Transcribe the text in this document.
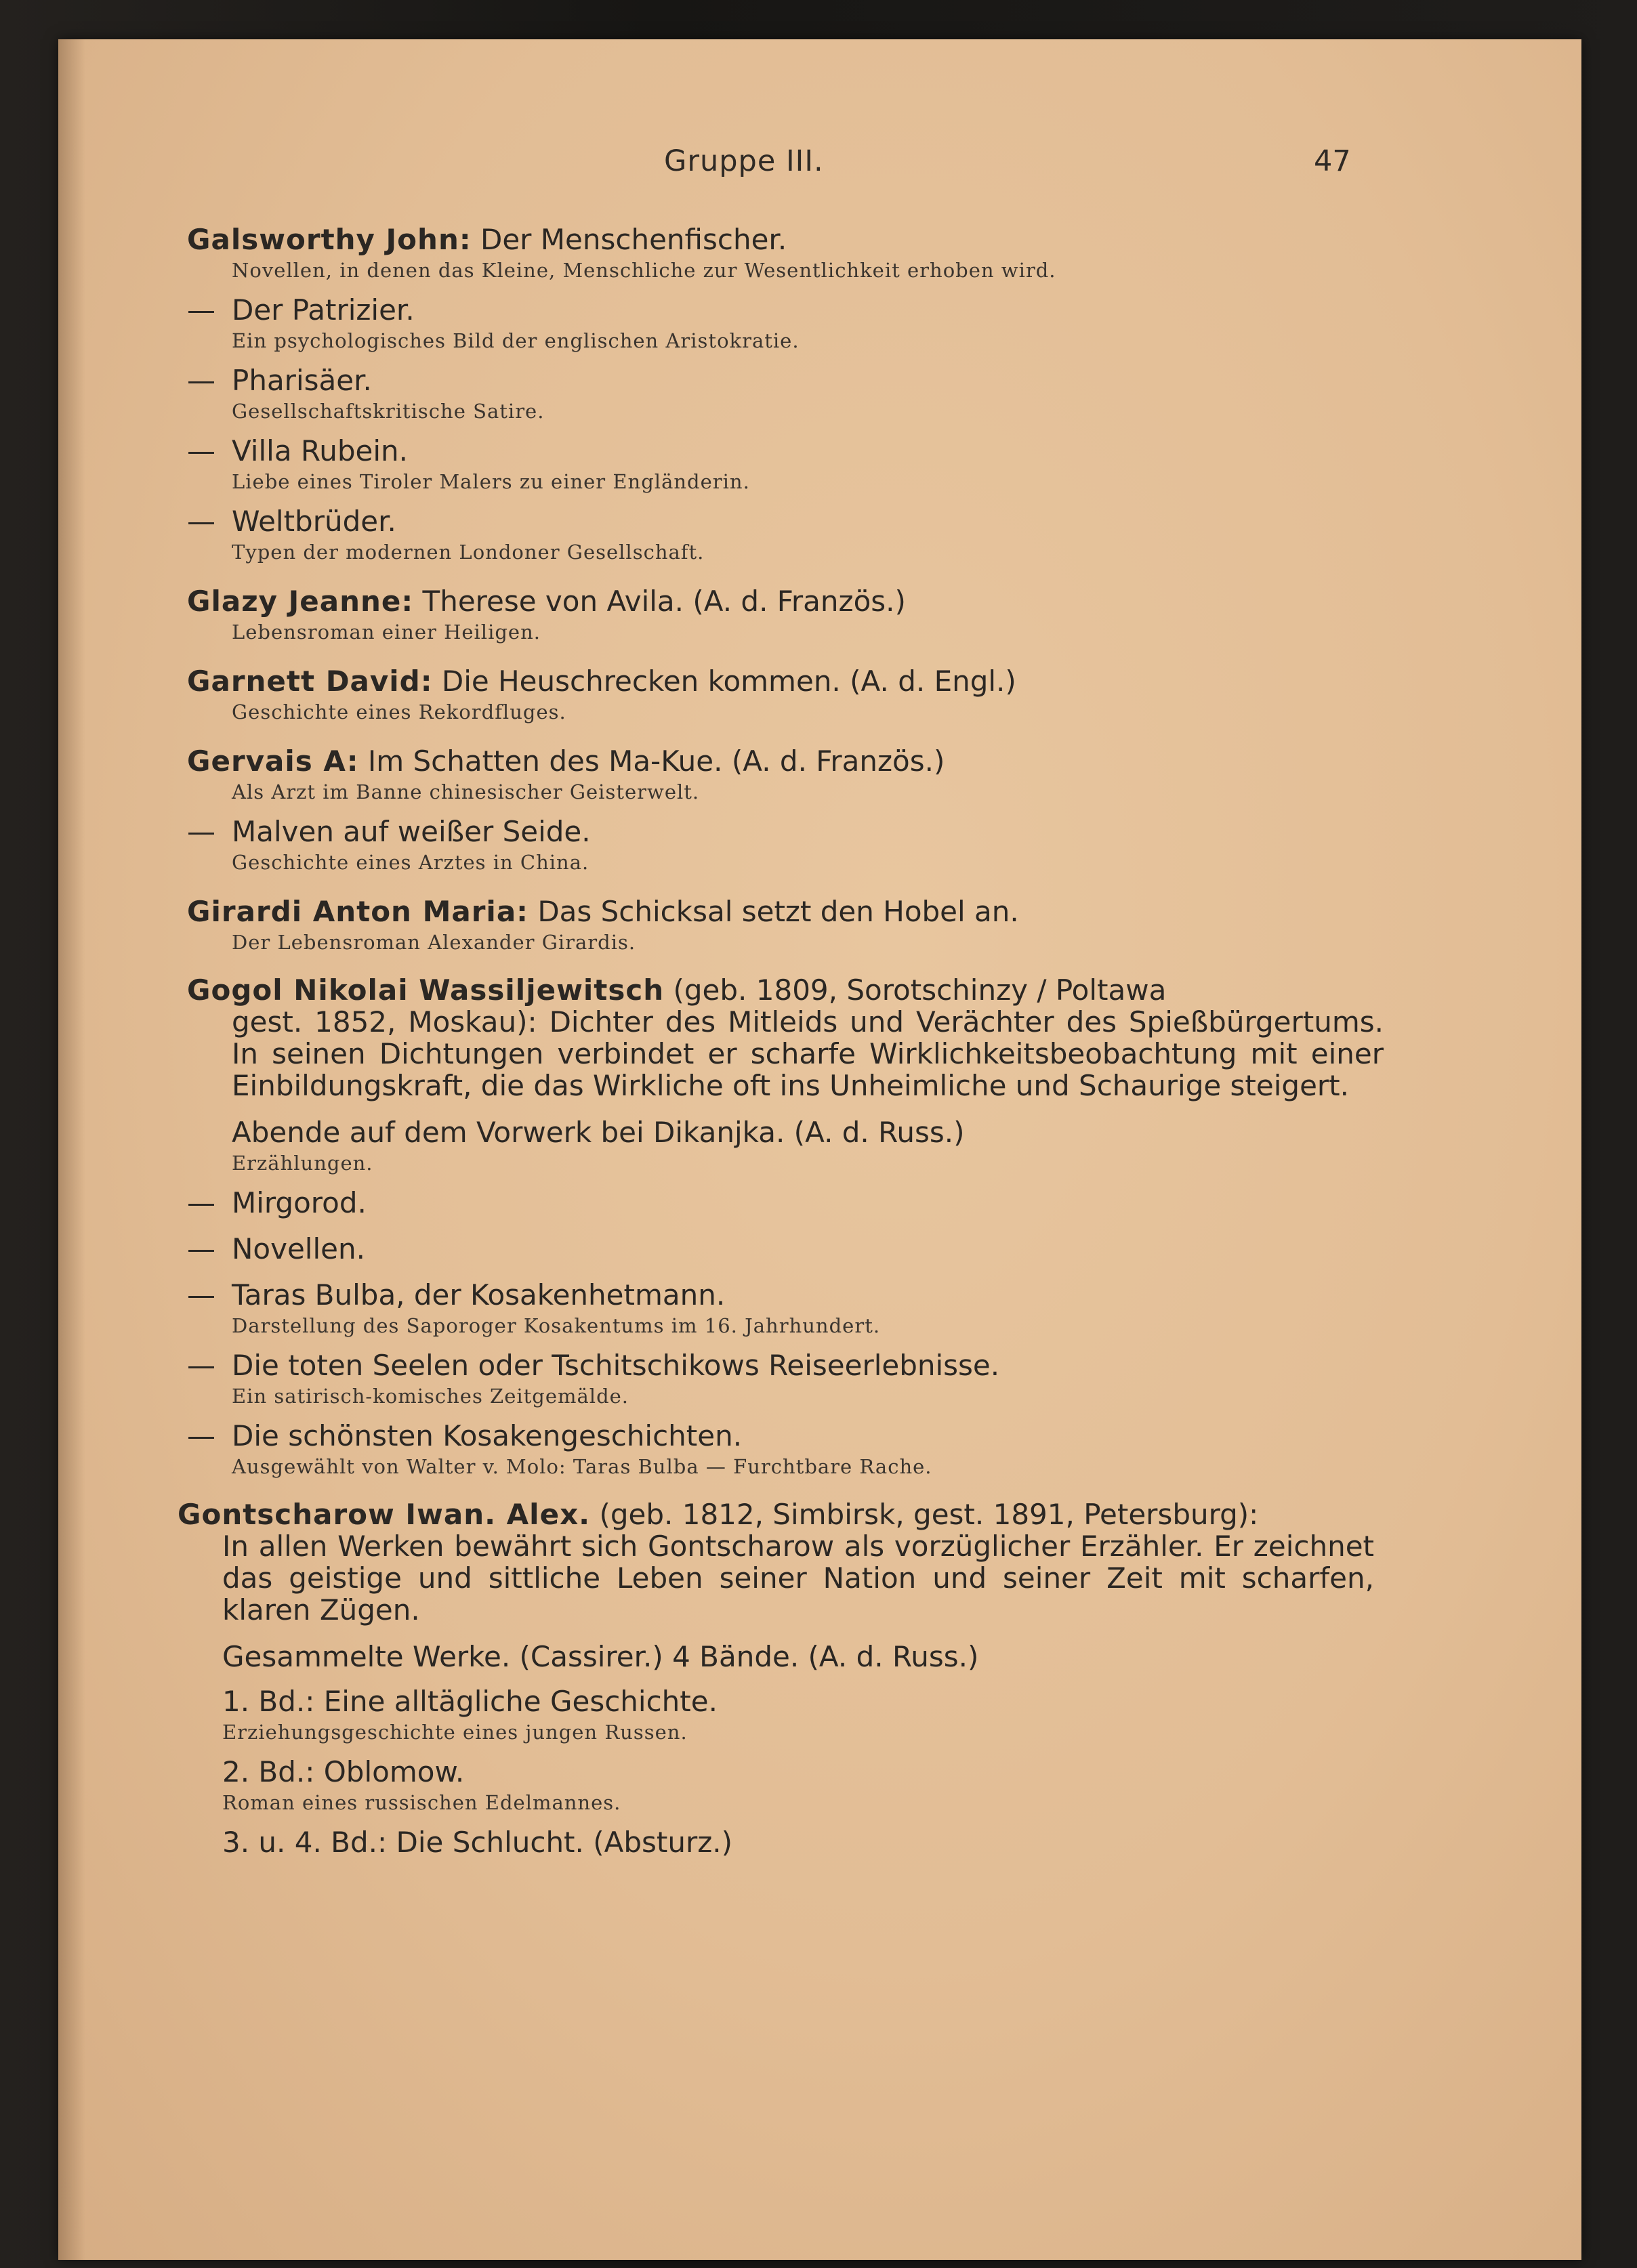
Gruppe III.	47
Galsworthy John: Der Menschenfischer.
Novellen, in denen das Kleine, Menschliche zur Wesentlichkeit erhoben wird.
— Der Patrizier.
Ein psychologisches Bild der englischen Aristokratie.
— Pharisäer.
Gesellschaftskritische Satire.
— Villa Rubein.
Liebe eines Tiroler Malers zu einer Engländerin.
— Weltbrüder.
Typen der modernen Londoner Gesellschaft.
Glazy Jeanne: Therese von Avila. (A. d. Französ.)
Lebensroman einer Heiligen.
Garnett David: Die Heuschrecken kommen. (A. d. Engl.)
Geschichte eines Rekordfluges.
Gervais A: Im Schatten des Ma-Kue. (A. d. Französ.)
Als Arzt im Banne chinesischer Geisterwelt.
— Malven auf weißer Seide.
Geschichte eines Arztes in China.
Girardi Anton Maria: Das Schicksal setzt den Hobel an.
Der Lebensroman Alexander Girardis.
Gogol Nikolai Wassiljewitsch (geb. 1809, Sorotschinzy / Poltawa
gest. 1852, Moskau): Dichter des Mitleids und Verächter des Spießbürgertums. In seinen Dichtungen verbindet er scharfe Wirklichkeitsbeobachtung mit einer Einbildungskraft, die das Wirkliche oft ins Unheimliche und Schaurige steigert.
Abende auf dem Vorwerk bei Dikanjka. (A. d. Russ.)
Erzählungen.
— Mirgorod.
— Novellen.
— Taras Bulba, der Kosakenhetmann.
Darstellung des Saporoger Kosakentums im 16. Jahrhundert.
— Die toten Seelen oder Tschitschikows Reiseerlebnisse.
Ein satirisch-komisches Zeitgemälde.
— Die schönsten Kosakengeschichten.
Ausgewählt von Walter v. Molo: Taras Bulba — Furchtbare Rache.
Gontscharow Iwan. Alex. (geb. 1812, Simbirsk, gest. 1891, Petersburg):
In allen Werken bewährt sich Gontscharow als vorzüglicher Erzähler. Er zeichnet das geistige und sittliche Leben seiner Nation und seiner Zeit mit scharfen, klaren Zügen.
Gesammelte Werke. (Cassirer.) 4 Bände. (A. d. Russ.)
1. Bd.: Eine alltägliche Geschichte.
Erziehungsgeschichte eines jungen Russen.
2. Bd.: Oblomow.
Roman eines russischen Edelmannes.
3. u. 4. Bd.: Die Schlucht. (Absturz.)
